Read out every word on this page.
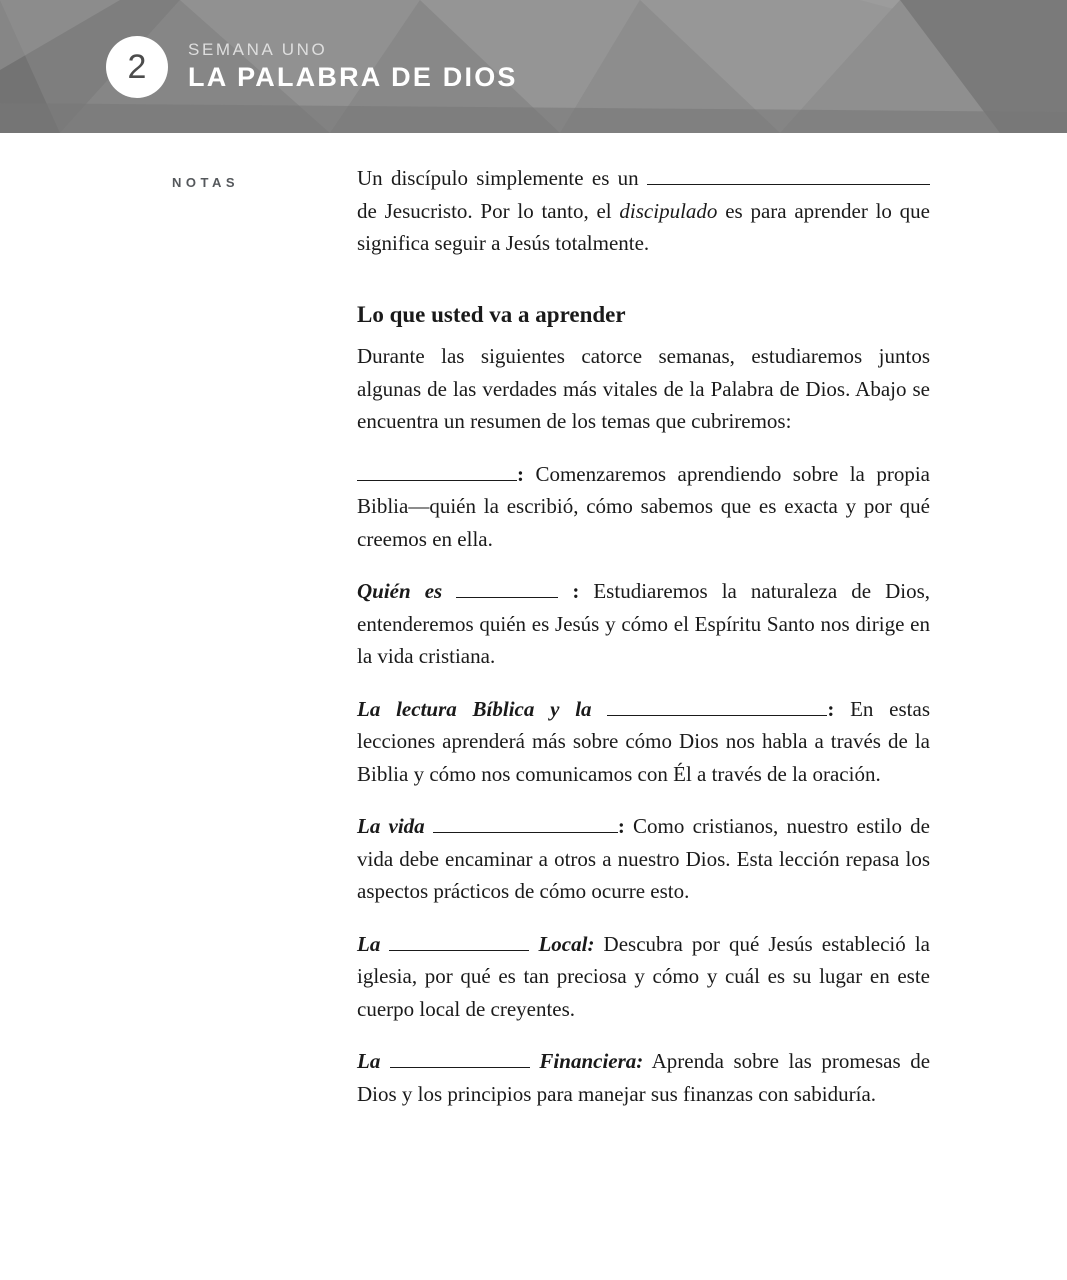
2 SEMANA UNO
LA PALABRA DE DIOS
NOTAS	Un discípulo simplemente es un  de Jesucristo. Por lo tanto, el discipulado es para aprender lo que significa seguir a Jesús totalmente.

Lo que usted va a aprender

Durante las siguientes catorce semanas, estudiaremos juntos algunas de las verdades más vitales de la Palabra de Dios. Abajo se encuentra un resumen de los temas que cubriremos:

: Comenzaremos aprendiendo sobre la propia Biblia—quién la escribió, cómo sabemos que es exacta y por qué creemos en ella.

Quién es	: Estudiaremos la naturaleza de Dios, entenderemos quién es Jesús y cómo el Espíritu Santo nos dirige en la vida cristiana.

La lectura Bíblica y la	: En estas lecciones aprenderá más sobre cómo Dios nos habla a través de la Biblia y cómo nos comunicamos con Él a través de la oración.

La vida	: Como cristianos, nuestro estilo de vida debe encaminar a otros a nuestro Dios. Esta lección repasa los aspectos prácticos de cómo ocurre esto.

La	Local: Descubra por qué Jesús estableció la iglesia, por qué es tan preciosa y cómo y cuál es su lugar en este cuerpo local de creyentes.

La	Financiera: Aprenda sobre las promesas de Dios y los principios para manejar sus finanzas con sabiduría.
